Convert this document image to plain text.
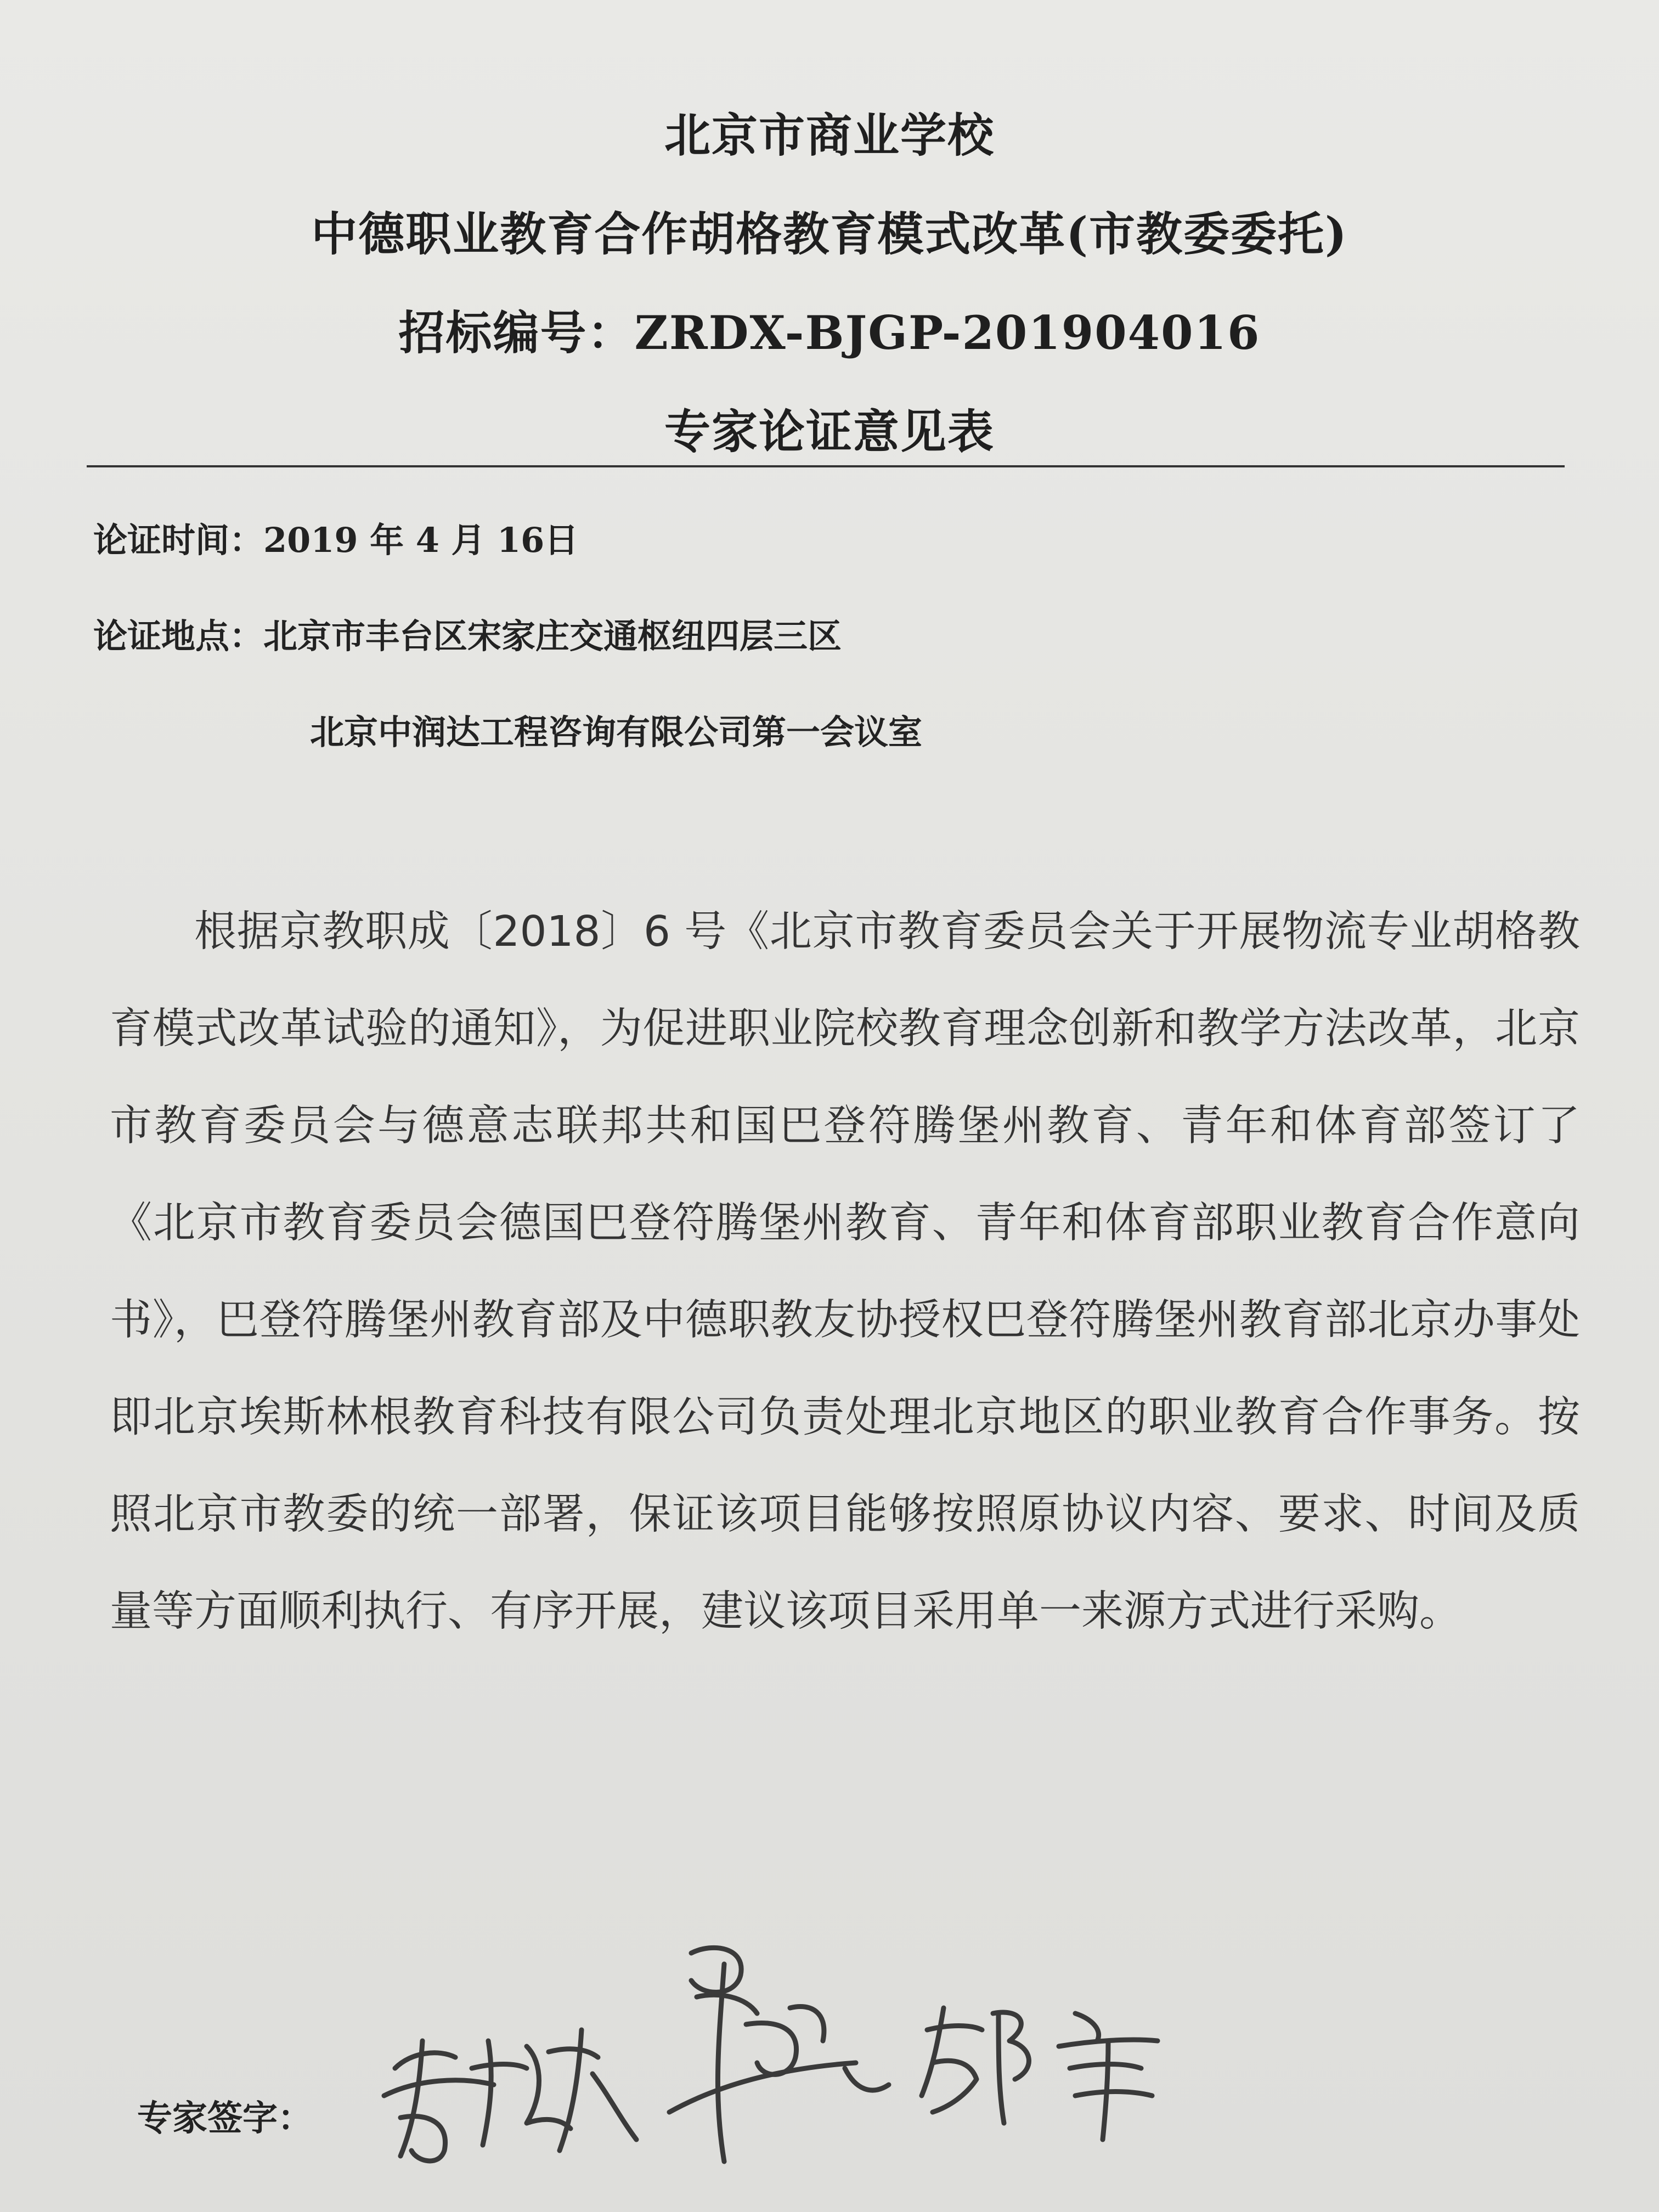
北京市商业学校
中德职业教育合作胡格教育模式改革(市教委委托)
招标编号：ZRDX-BJGP-201904016
专家论证意见表
论证时间：2019 年 4 月 16日
论证地点：北京市丰台区宋家庄交通枢纽四层三区
北京中润达工程咨询有限公司第一会议室
根据京教职成〔2018〕6 号《北京市教育委员会关于开展物流专业胡格教育模式改革试验的通知》，为促进职业院校教育理念创新和教学方法改革，北京市教育委员会与德意志联邦共和国巴登符腾堡州教育、青年和体育部签订了《北京市教育委员会德国巴登符腾堡州教育、青年和体育部职业教育合作意向书》，巴登符腾堡州教育部及中德职教友协授权巴登符腾堡州教育部北京办事处即北京埃斯林根教育科技有限公司负责处理北京地区的职业教育合作事务。按照北京市教委的统一部署，保证该项目能够按照原协议内容、要求、时间及质量等方面顺利执行、有序开展，建议该项目采用单一来源方式进行采购。
专家签字：
